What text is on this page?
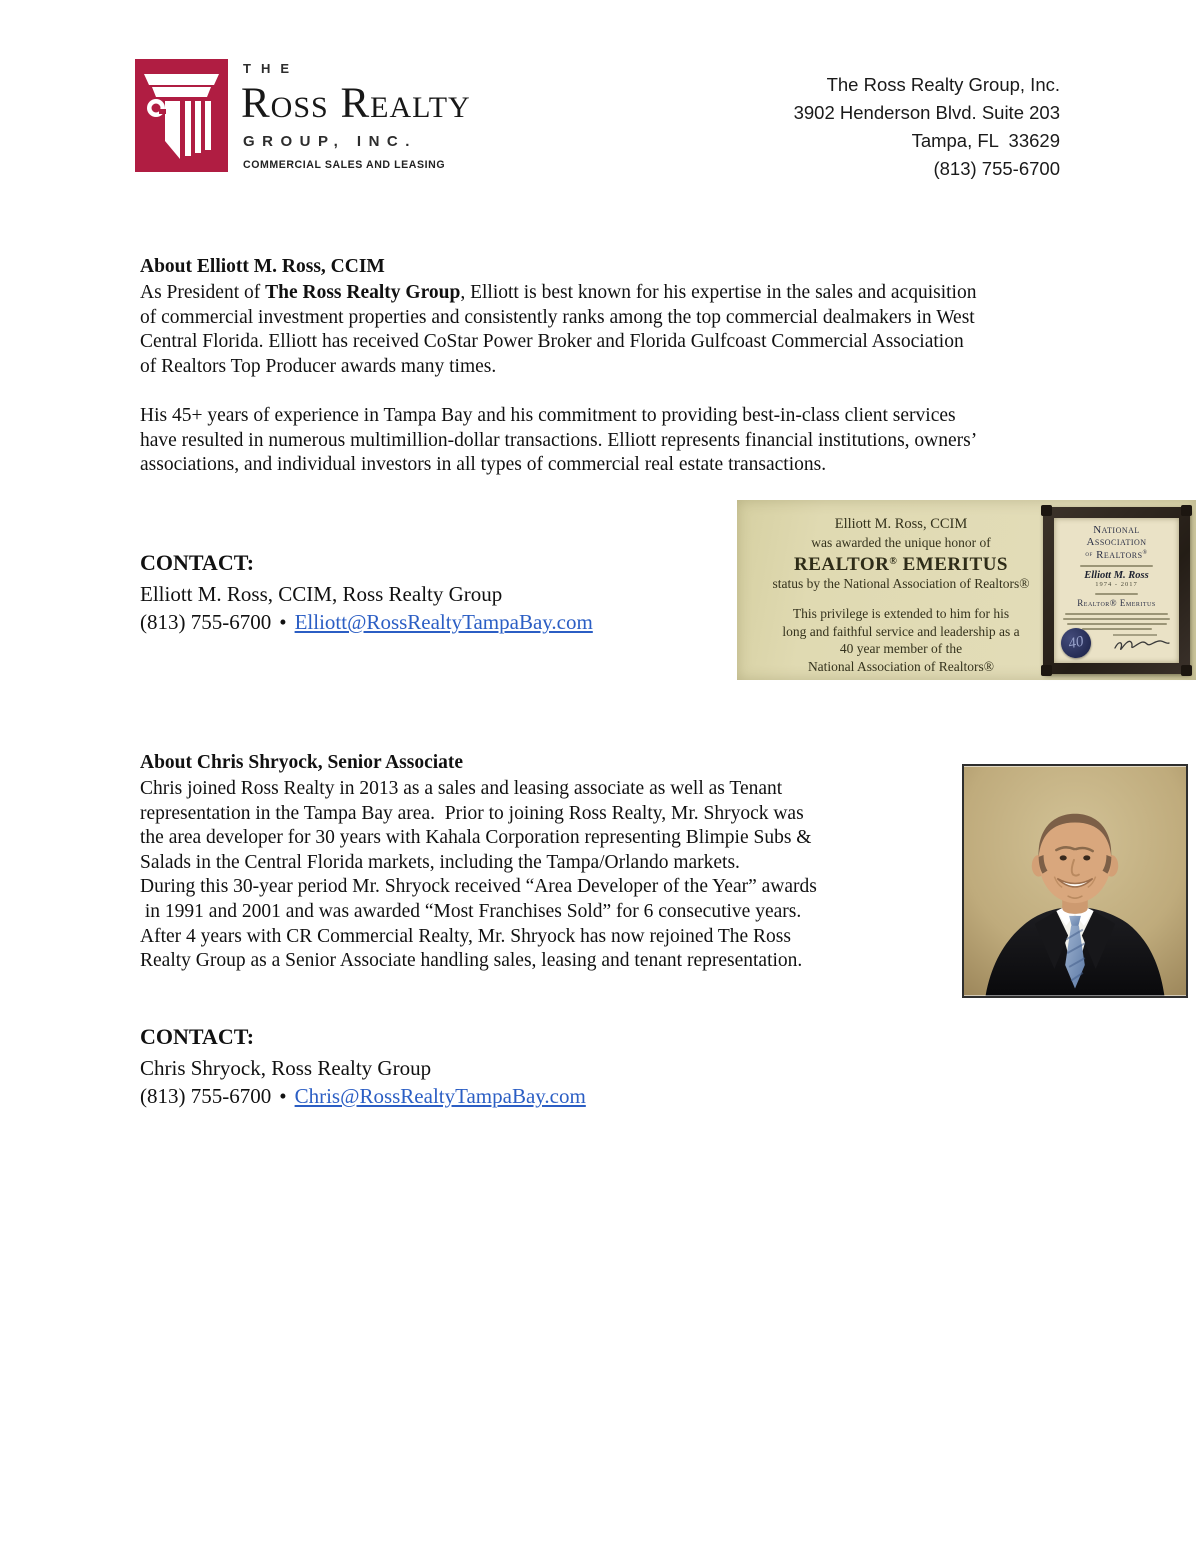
THE
Ross Realty
GROUP, INC.
COMMERCIAL SALES AND LEASING
The Ross Realty Group, Inc.
3902 Henderson Blvd. Suite 203
Tampa, FL  33629
(813) 755-6700
About Elliott M. Ross, CCIM
As President of The Ross Realty Group, Elliott is best known for his expertise in the sales and acquisition
of commercial investment properties and consistently ranks among the top commercial dealmakers in West
Central Florida. Elliott has received CoStar Power Broker and Florida Gulfcoast Commercial Association
of Realtors Top Producer awards many times.
His 45+ years of experience in Tampa Bay and his commitment to providing best-in-class client services
have resulted in numerous multimillion-dollar transactions. Elliott represents financial institutions, owners’
associations, and individual investors in all types of commercial real estate transactions.
CONTACT:
Elliott M. Ross, CCIM, Ross Realty Group
(813) 755-6700 • Elliott@RossRealtyTampaBay.com
Elliott M. Ross, CCIM
was awarded the unique honor of
REALTOR® EMERITUS
status by the National Association of Realtors®
This privilege is extended to him for his
long and faithful service and leadership as a
40 year member of the
National Association of Realtors®
National
Association
of Realtors®
Elliott M. Ross
1974 - 2017
Realtor® Emeritus
40
About Chris Shryock, Senior Associate
Chris joined Ross Realty in 2013 as a sales and leasing associate as well as Tenant
representation in the Tampa Bay area.  Prior to joining Ross Realty, Mr. Shryock was
the area developer for 30 years with Kahala Corporation representing Blimpie Subs &
Salads in the Central Florida markets, including the Tampa/Orlando markets.
During this 30-year period Mr. Shryock received “Area Developer of the Year” awards
in 1991 and 2001 and was awarded “Most Franchises Sold” for 6 consecutive years.
After 4 years with CR Commercial Realty, Mr. Shryock has now rejoined The Ross
Realty Group as a Senior Associate handling sales, leasing and tenant representation.
CONTACT:
Chris Shryock, Ross Realty Group
(813) 755-6700 • Chris@RossRealtyTampaBay.com
